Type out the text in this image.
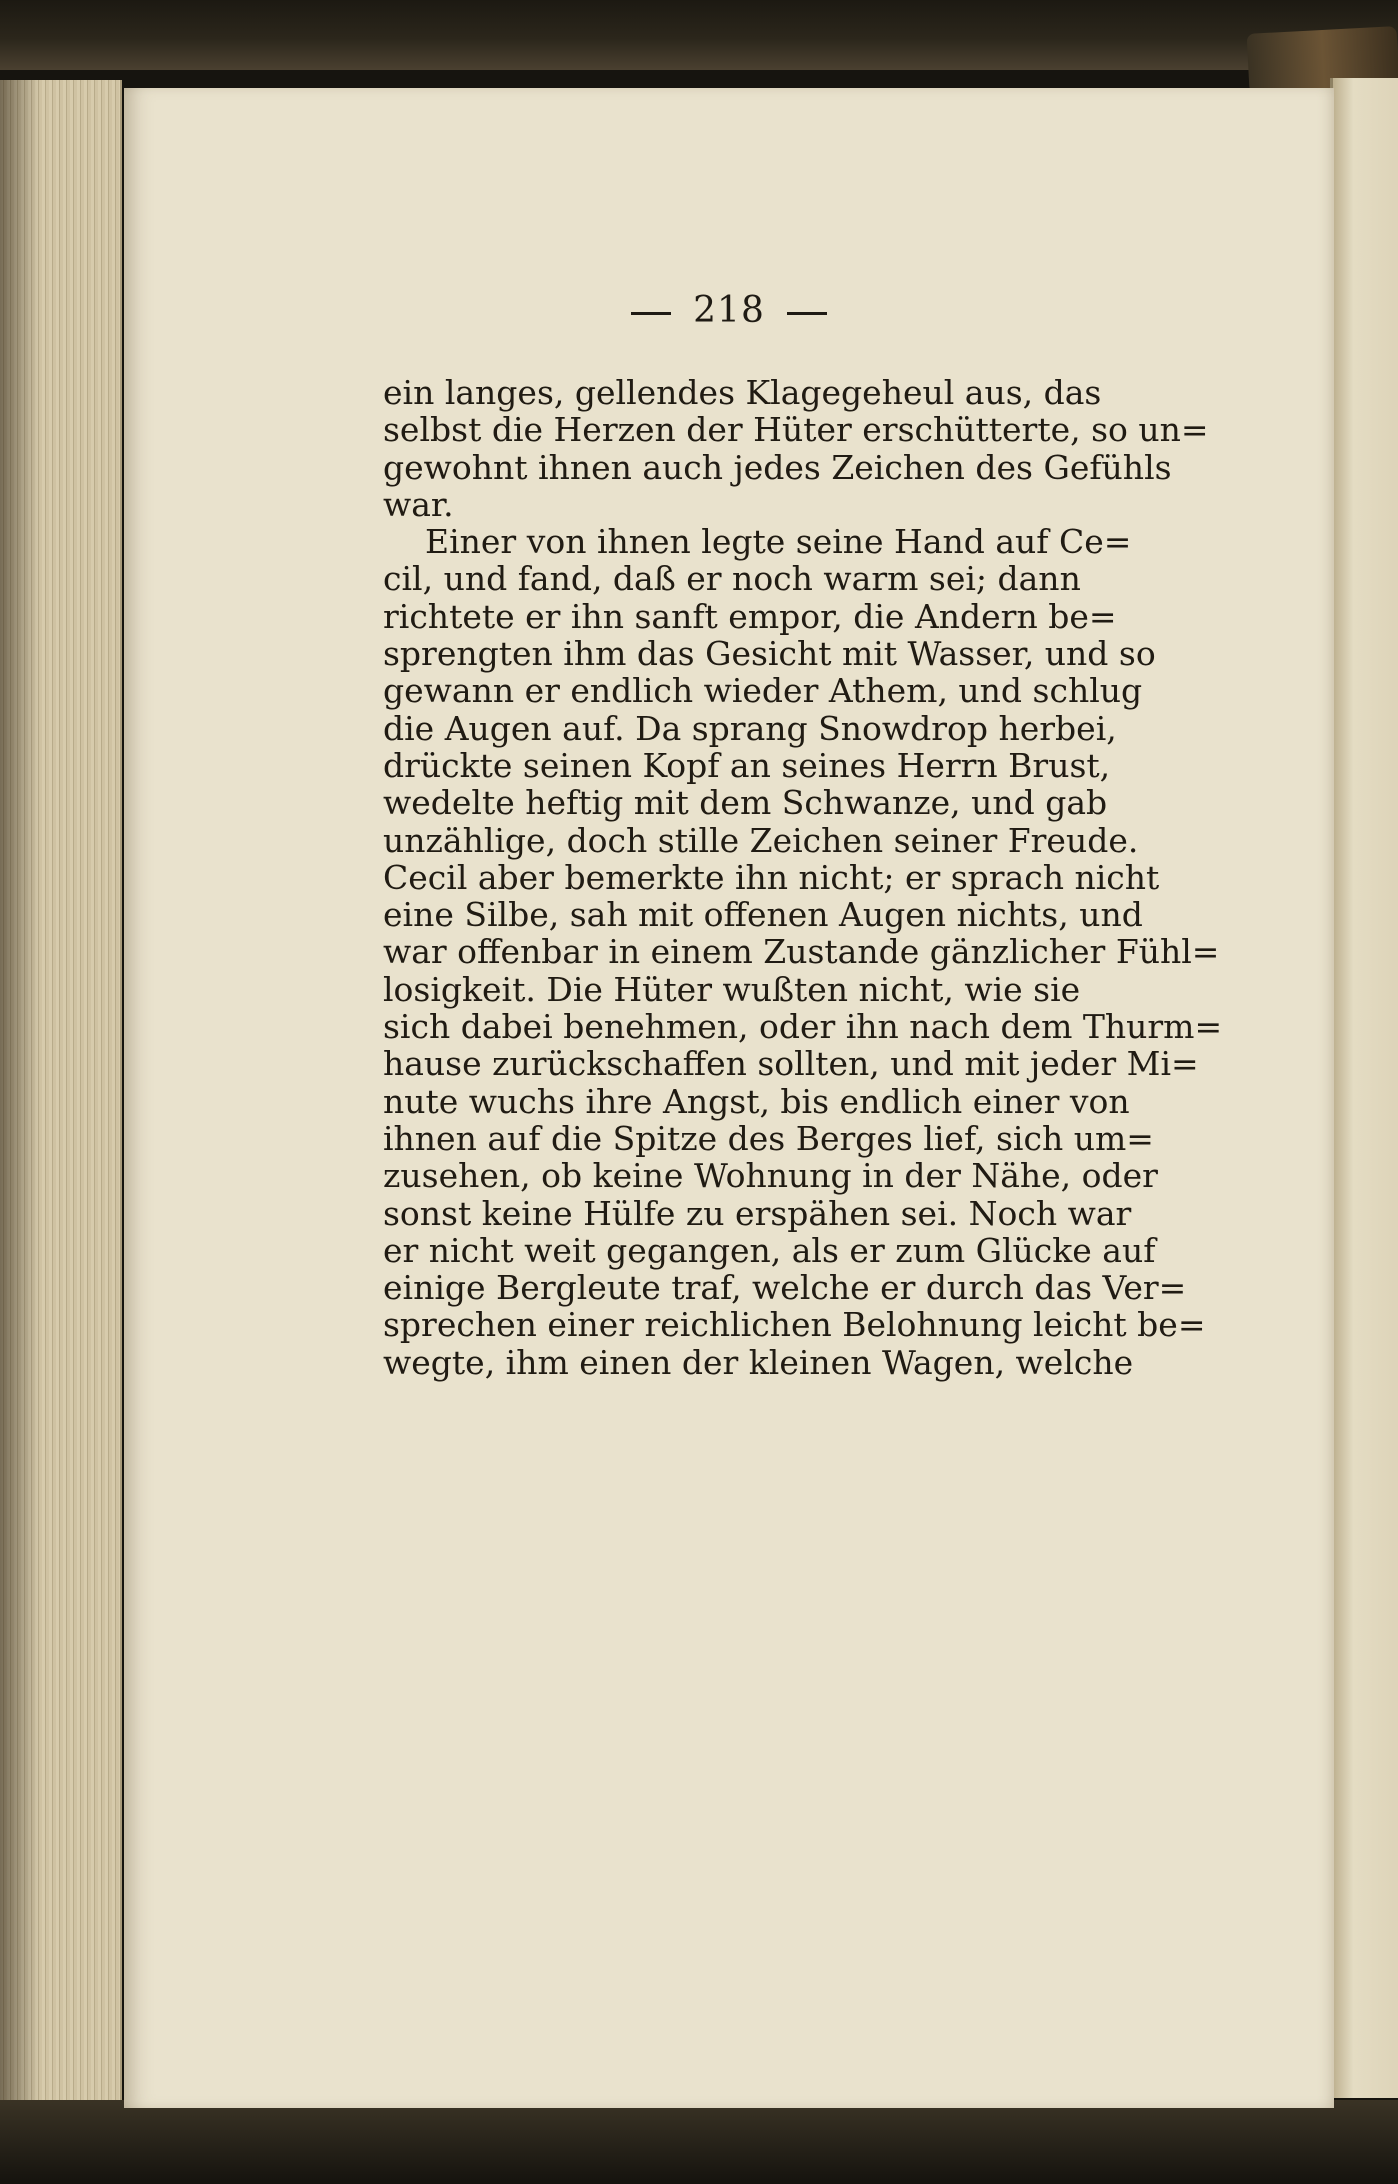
218
ein langes, gellendes Klagegeheul aus, das
selbst die Herzen der Hüter erschütterte, so un=
gewohnt ihnen auch jedes Zeichen des Gefühls
war.
Einer von ihnen legte seine Hand auf Ce=
cil, und fand, daß er noch warm sei; dann
richtete er ihn sanft empor, die Andern be=
sprengten ihm das Gesicht mit Wasser, und so
gewann er endlich wieder Athem, und schlug
die Augen auf. Da sprang Snowdrop herbei,
drückte seinen Kopf an seines Herrn Brust,
wedelte heftig mit dem Schwanze, und gab
unzählige, doch stille Zeichen seiner Freude.
Cecil aber bemerkte ihn nicht; er sprach nicht
eine Silbe, sah mit offenen Augen nichts, und
war offenbar in einem Zustande gänzlicher Fühl=
losigkeit. Die Hüter wußten nicht, wie sie
sich dabei benehmen, oder ihn nach dem Thurm=
hause zurückschaffen sollten, und mit jeder Mi=
nute wuchs ihre Angst, bis endlich einer von
ihnen auf die Spitze des Berges lief, sich um=
zusehen, ob keine Wohnung in der Nähe, oder
sonst keine Hülfe zu erspähen sei. Noch war
er nicht weit gegangen, als er zum Glücke auf
einige Bergleute traf, welche er durch das Ver=
sprechen einer reichlichen Belohnung leicht be=
wegte, ihm einen der kleinen Wagen, welche
